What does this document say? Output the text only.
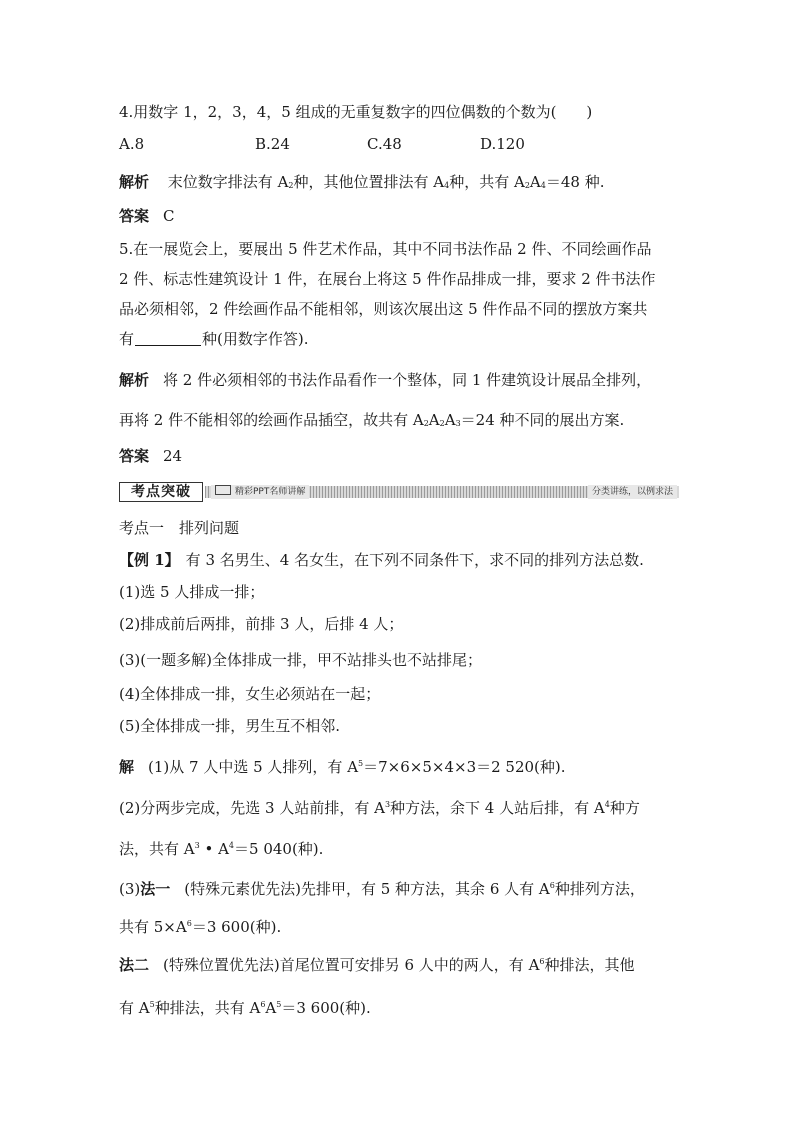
4.用数字 1，2，3，4，5 组成的无重复数字的四位偶数的个数为(　　)
A.8	B.24	C.48	D.120
解析 末位数字排法有 $A_2$种，其他位置排法有 $A_4$种，共有 $A_2A_4=48$ 种.
答案 C
5.在一展览会上，要展出 5 件艺术作品，其中不同书法作品 2 件、不同绘画作品
2 件、标志性建筑设计 1 件，在展台上将这 5 件作品排成一排，要求 2 件书法作
品必须相邻，2 件绘画作品不能相邻，则该次展出这 5 件作品不同的摆放方案共
有	种(用数字作答).
解析 将 2 件必须相邻的书法作品看作一个整体，同 1 件建筑设计展品全排列，
再将 2 件不能相邻的绘画作品插空，故共有 $A_2A_2A_3=24$ 种不同的展出方案.
答案 24
考点突破	精彩PPT名师讲解	分类讲练，以例求法
考点一　排列问题
【例 1】 有 3 名男生、4 名女生，在下列不同条件下，求不同的排列方法总数.
(1)选 5 人排成一排；
(2)排成前后两排，前排 3 人，后排 4 人；
(3)(一题多解)全体排成一排，甲不站排头也不站排尾；
(4)全体排成一排，女生必须站在一起；
(5)全体排成一排，男生互不相邻.
解 (1)从 7 人中选 5 人排列，有 $A^5=7\times 6\times 5\times 4\times 3=2$ 520(种).
(2)分两步完成，先选 3 人站前排，有 $A^3$种方法，余下 4 人站后排，有 $A^4$种方
法，共有 $A^3$ • $A^4=5$ 040(种).
(3)法一 (特殊元素优先法)先排甲，有 5 种方法，其余 6 人有 $A^6$种排列方法，
共有 $5\times A^6=3$ 600(种).
法二 (特殊位置优先法)首尾位置可安排另 6 人中的两人，有 $A^6$种排法，其他
有 $A^5$种排法，共有 $A^6A^5=3$ 600(种).
